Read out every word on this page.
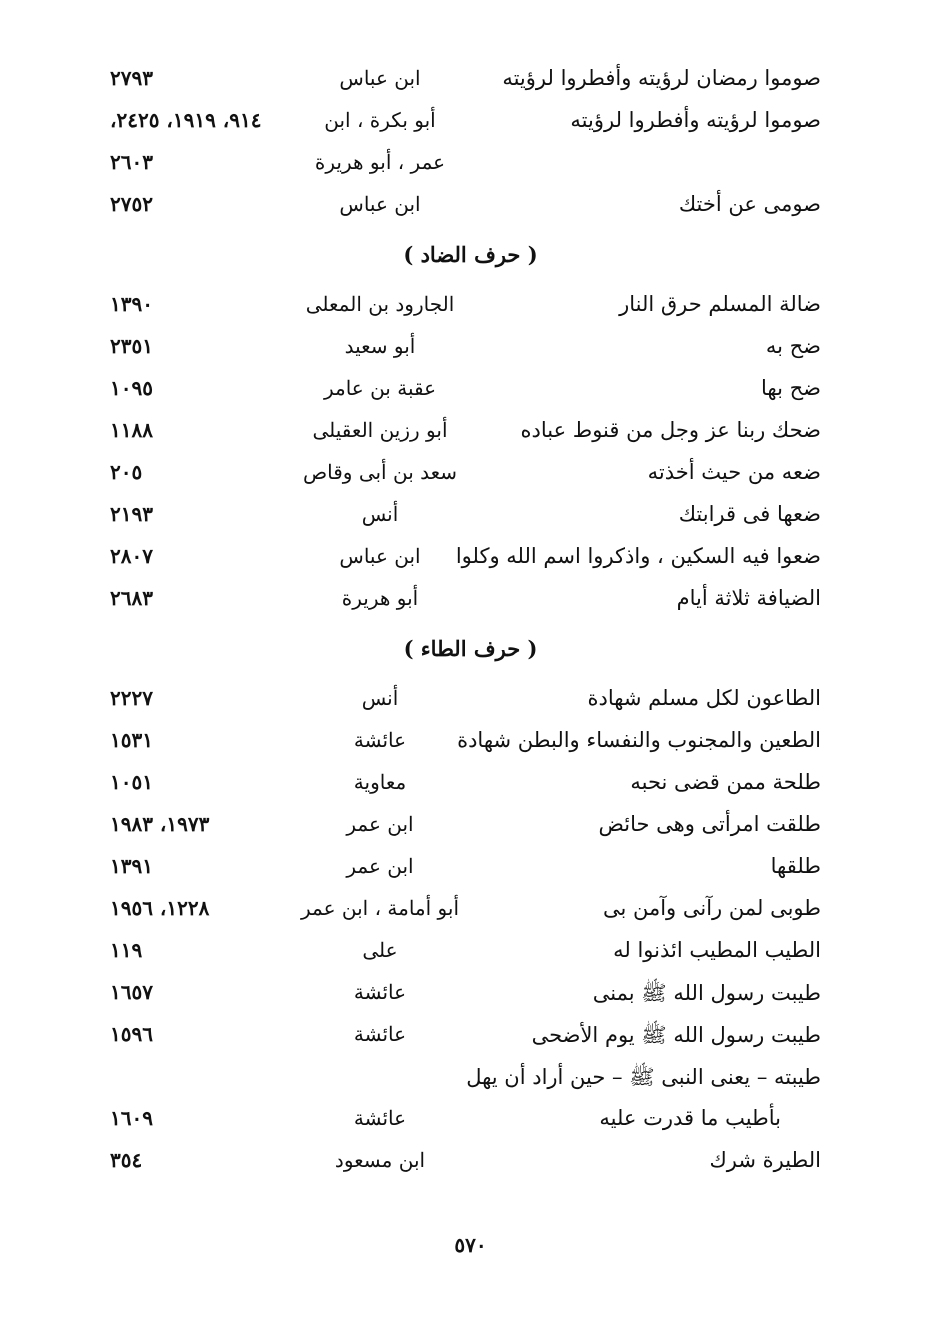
صوموا رمضان لرؤيته وأفطروا لرؤيته
ابن عباس
٢٧٩٣
صوموا لرؤيته وأفطروا لرؤيته
أبو بكرة ، ابن
٩١٤، ١٩١٩، ٢٤٢٥،
عمر ، أبو هريرة
٢٦٠٣
صومى عن أختك
ابن عباس
٢٧٥٢
( حرف الضاد )
ضالة المسلم حرق النار
الجارود بن المعلى
١٣٩٠
ضح به
أبو سعيد
٢٣٥١
ضح بها
عقبة بن عامر
١٠٩٥
ضحك ربنا عز وجل من قنوط عباده
أبو رزين العقيلى
١١٨٨
ضعه من حيث أخذته
سعد بن أبى وقاص
٢٠٥
ضعها فى قرابتك
أنس
٢١٩٣
ضعوا فيه السكين ، واذكروا اسم الله وكلوا
ابن عباس
٢٨٠٧
الضيافة ثلاثة أيام
أبو هريرة
٢٦٨٣
( حرف الطاء )
الطاعون لكل مسلم شهادة
أنس
٢٢٢٧
الطعين والمجنوب والنفساء والبطن شهادة
عائشة
١٥٣١
طلحة ممن قضى نحبه
معاوية
١٠٥١
طلقت امرأتى وهى حائض
ابن عمر
١٩٧٣، ١٩٨٣
طلقها
ابن عمر
١٣٩١
طوبى لمن رآنى وآمن بى
أبو أمامة ، ابن عمر
١٢٢٨، ١٩٥٦
الطيب المطيب ائذنوا له
على
١١٩
طيبت رسول الله ﷺ بمنى
عائشة
١٦٥٧
طيبت رسول الله ﷺ يوم الأضحى
عائشة
١٥٩٦
طيبته – يعنى النبى ﷺ – حين أراد أن يهل
بأطيب ما قدرت عليه
عائشة
١٦٠٩
الطيرة شرك
ابن مسعود
٣٥٤
٥٧٠
